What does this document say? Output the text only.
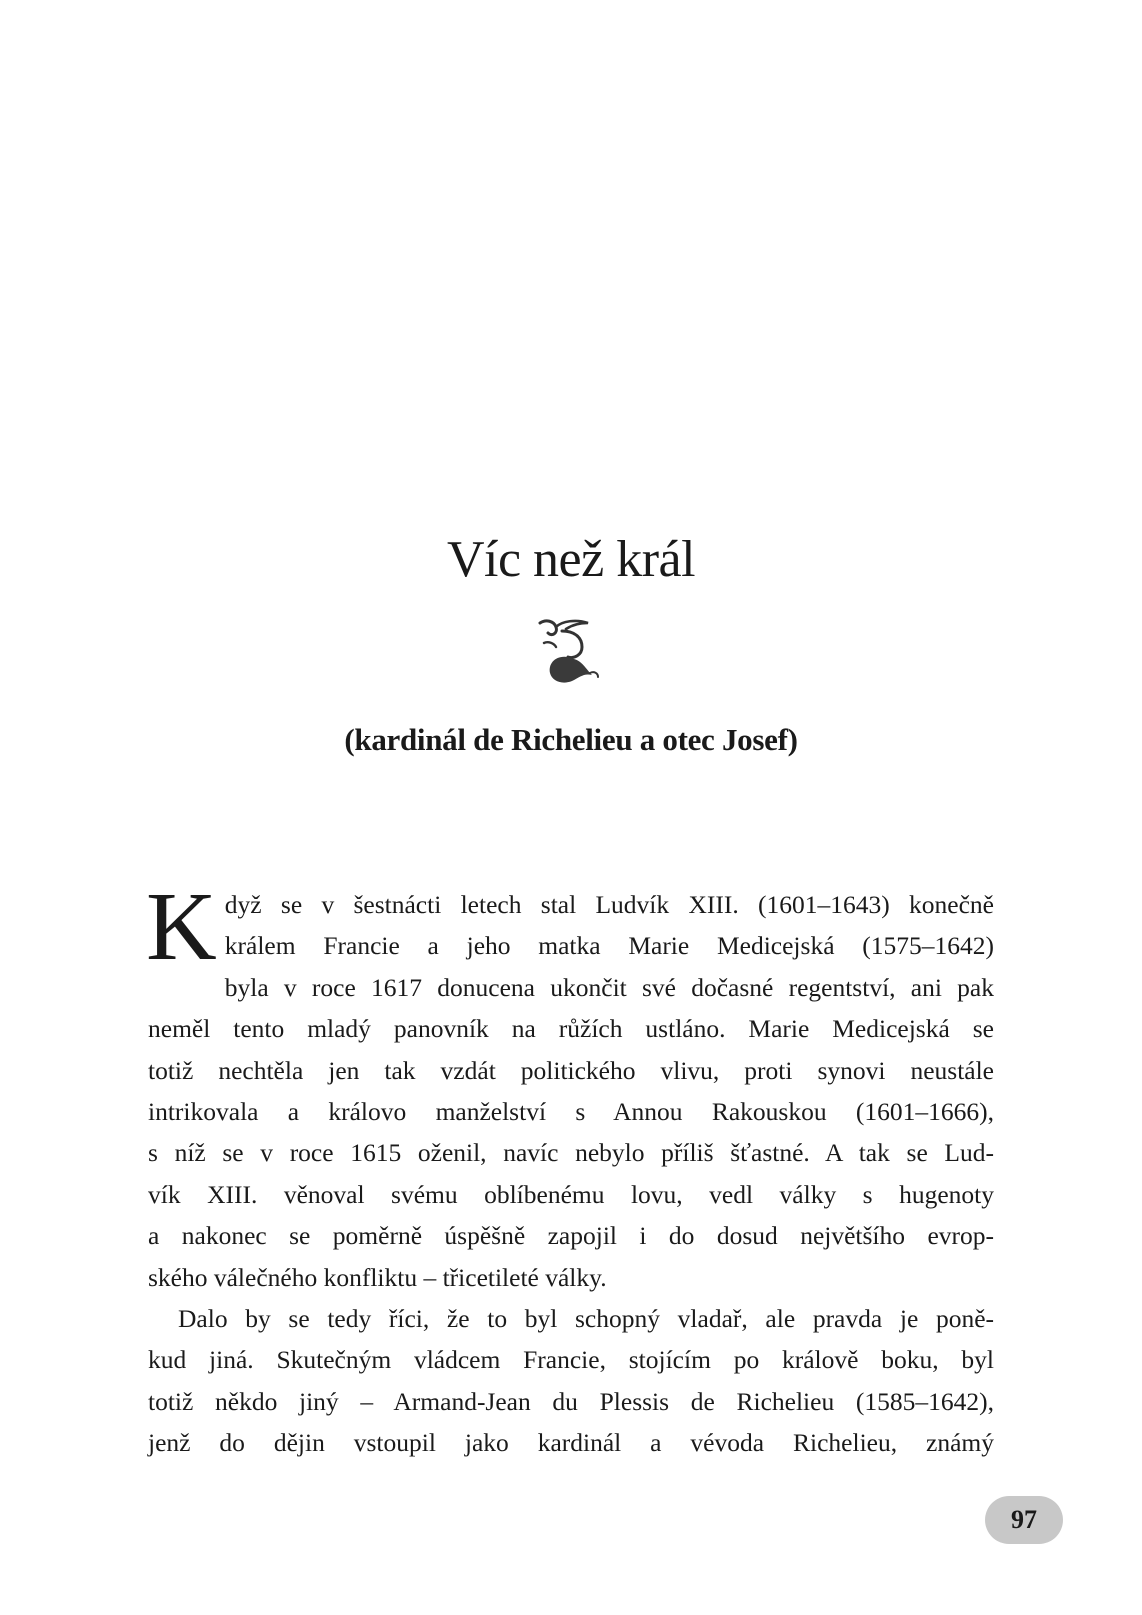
Víc než král
(kardinál de Richelieu a otec Josef)

K dyž se v šestnácti letech stal Ludvík XIII. (1601–1643) konečně
králem Francie a jeho matka Marie Medicejská (1575–1642)
byla v roce 1617 donucena ukončit své dočasné regentství, ani pak
neměl tento mladý panovník na růžích ustláno. Marie Medicejská se
totiž nechtěla jen tak vzdát politického vlivu, proti synovi neustále
intrikovala a královo manželství s Annou Rakouskou (1601–1666),
s níž se v roce 1615 oženil, navíc nebylo příliš šťastné. A tak se Lud-
vík XIII. věnoval svému oblíbenému lovu, vedl války s hugenoty
a nakonec se poměrně úspěšně zapojil i do dosud největšího evrop-
ského válečného konfliktu – třicetileté války.

Dalo by se tedy říci, že to byl schopný vladař, ale pravda je poně-
kud jiná. Skutečným vládcem Francie, stojícím po králově boku, byl
totiž někdo jiný – Armand-Jean du Plessis de Richelieu (1585–1642),
jenž do dějin vstoupil jako kardinál a vévoda Richelieu, známý

97
